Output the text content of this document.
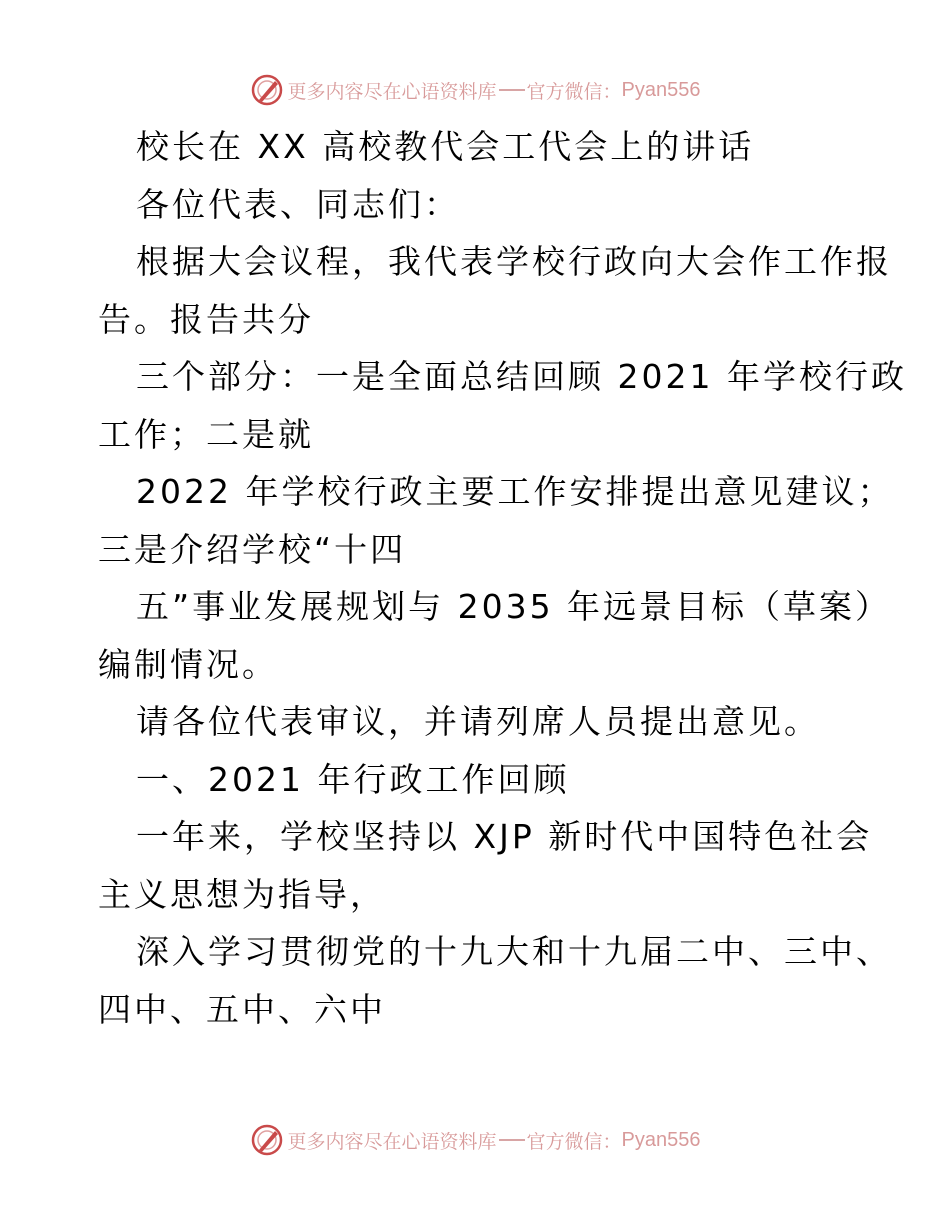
更多内容尽在心语资料库 官方微信： Pyan556
校长在 XX 高校教代会工代会上的讲话
各位代表、同志们：
根据大会议程，我代表学校行政向大会作工作报
告。报告共分
三个部分：一是全面总结回顾 2021 年学校行政
工作；二是就
2022 年学校行政主要工作安排提出意见建议；
三是介绍学校“十四
五”事业发展规划与 2035 年远景目标（草案）
编制情况。
请各位代表审议，并请列席人员提出意见。
一、2021 年行政工作回顾
一年来，学校坚持以 XJP 新时代中国特色社会
主义思想为指导，
深入学习贯彻党的十九大和十九届二中、三中、
四中、五中、六中
更多内容尽在心语资料库 官方微信： Pyan556
